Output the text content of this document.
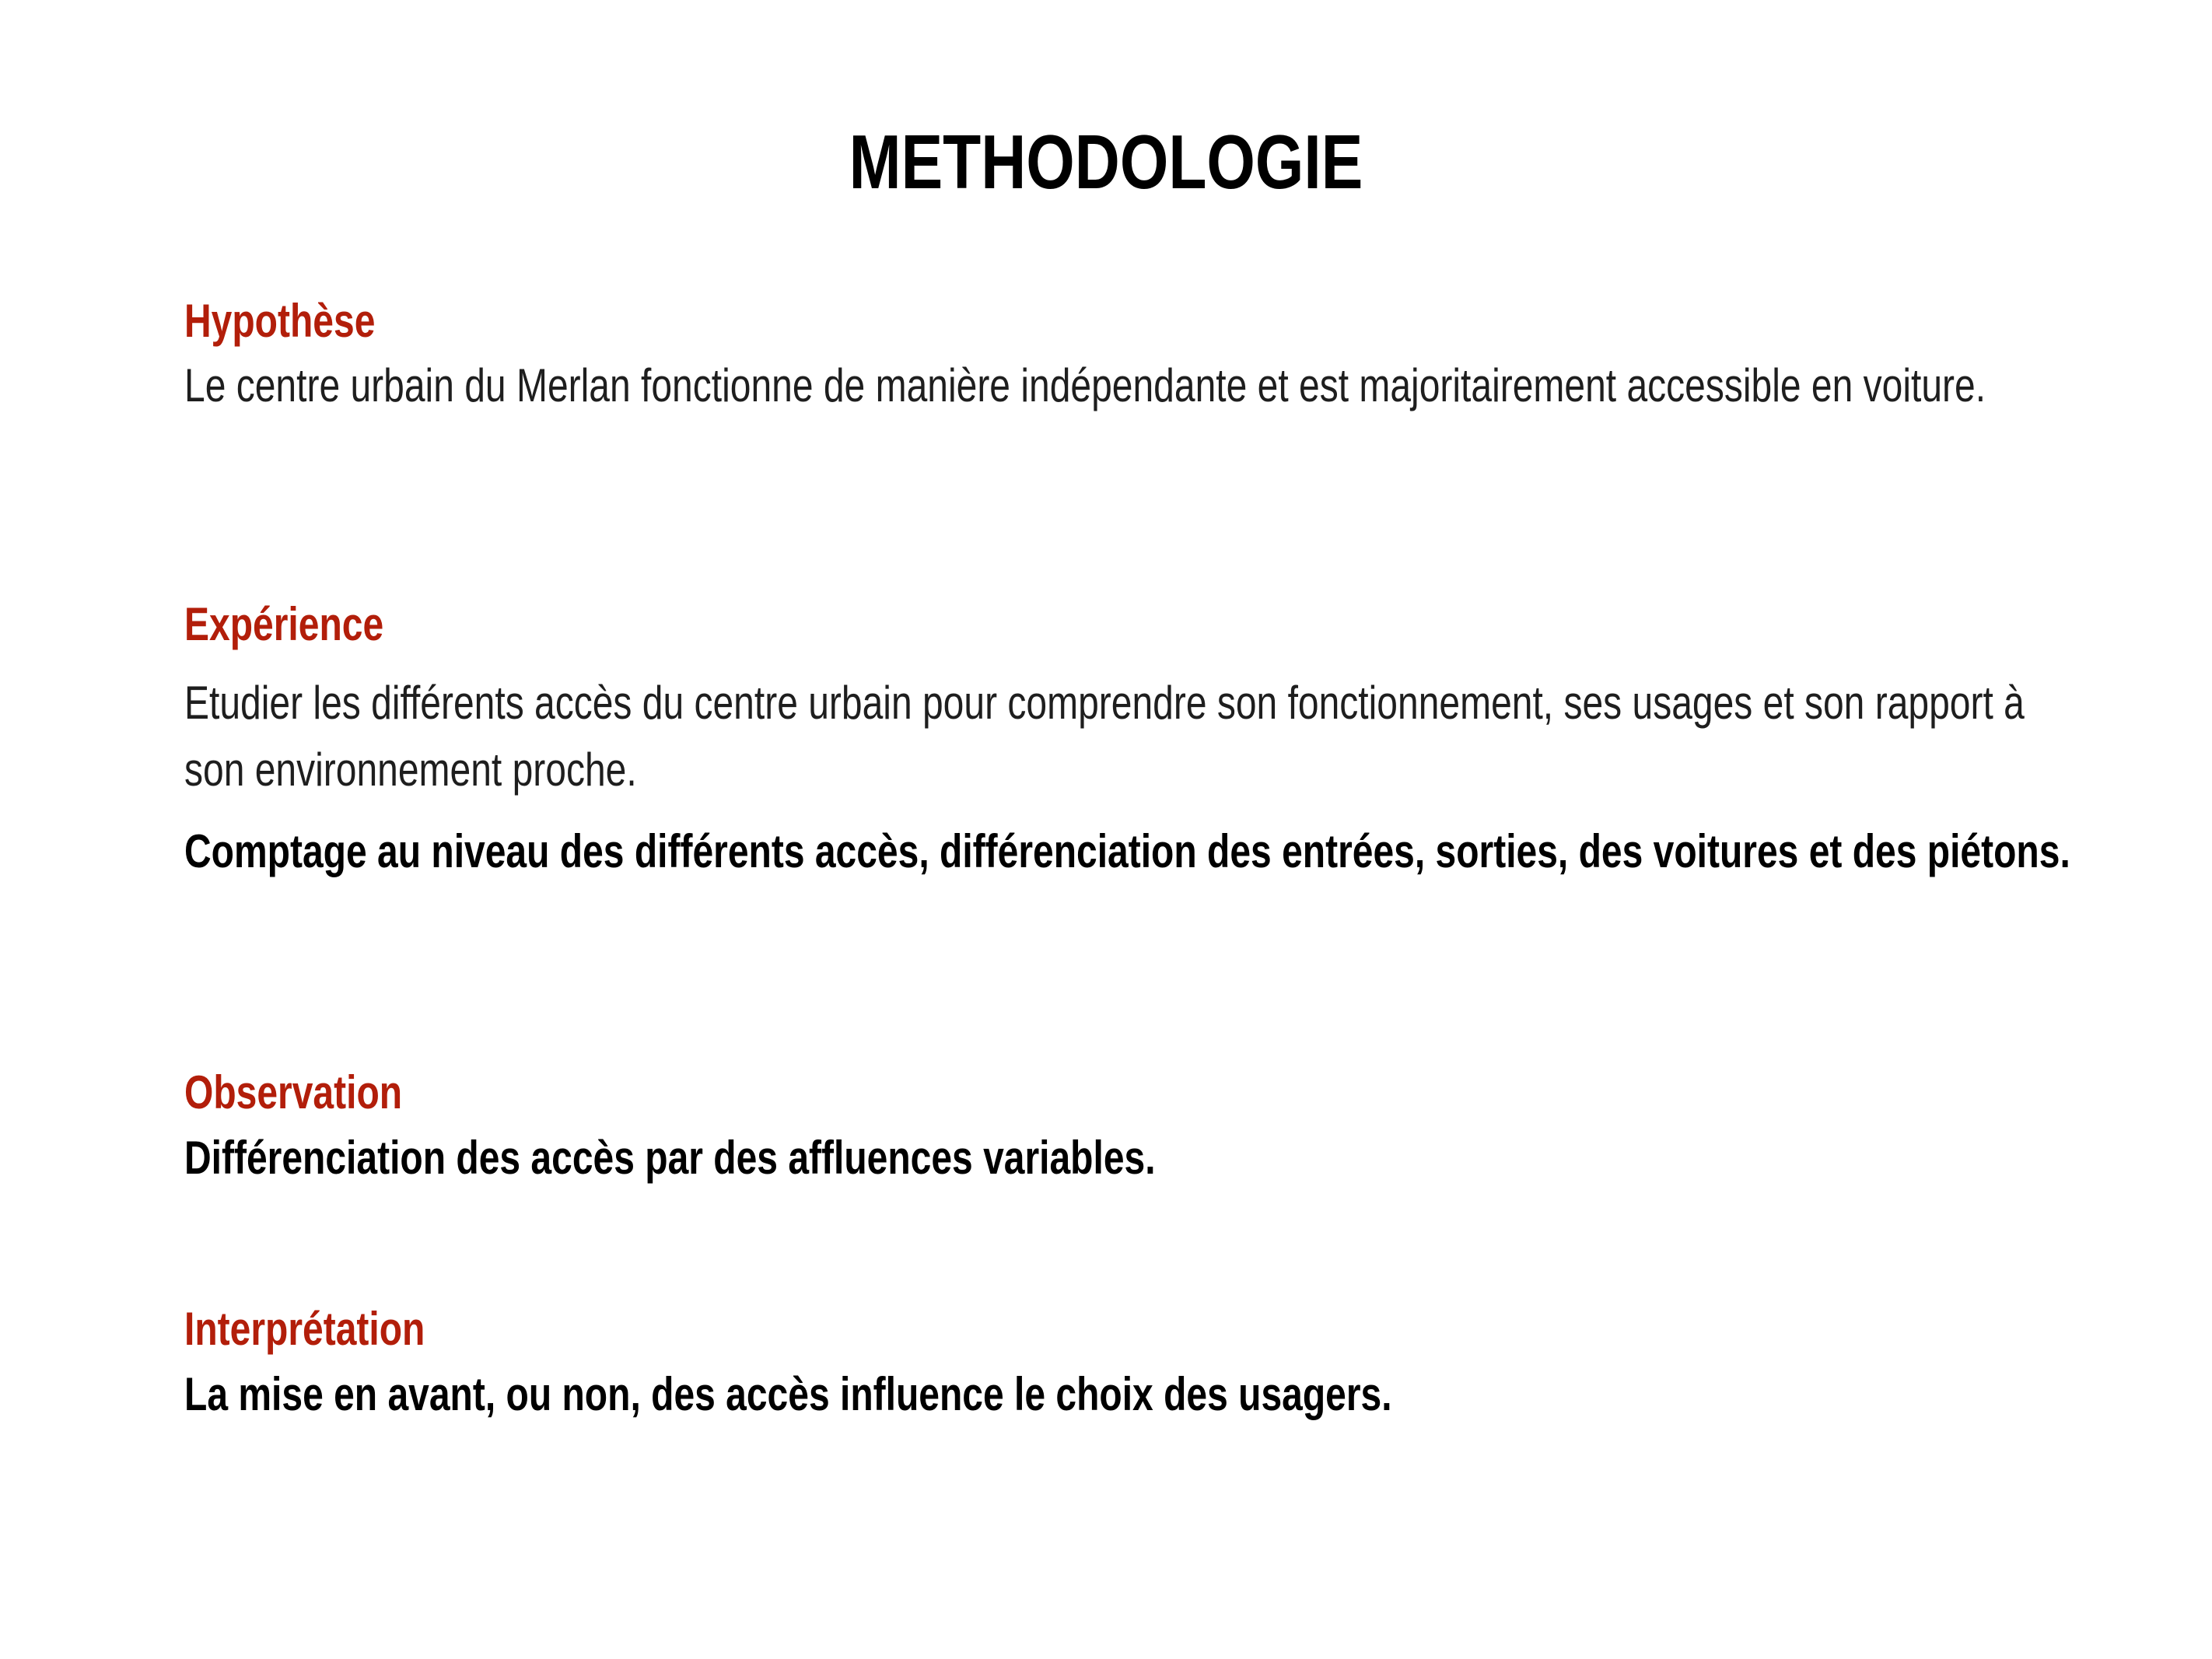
METHODOLOGIE
Hypothèse
Le centre urbain du Merlan fonctionne de manière indépendante et est majoritairement accessible en voiture.
Expérience
Etudier les différents accès du centre urbain pour comprendre son fonctionnement, ses usages et son rapport à son environnement proche.
Comptage au niveau des différents accès, différenciation des entrées, sorties, des voitures et des piétons.
Observation
Différenciation des accès par des affluences variables.
Interprétation
La mise en avant, ou non, des accès influence le choix des usagers.
